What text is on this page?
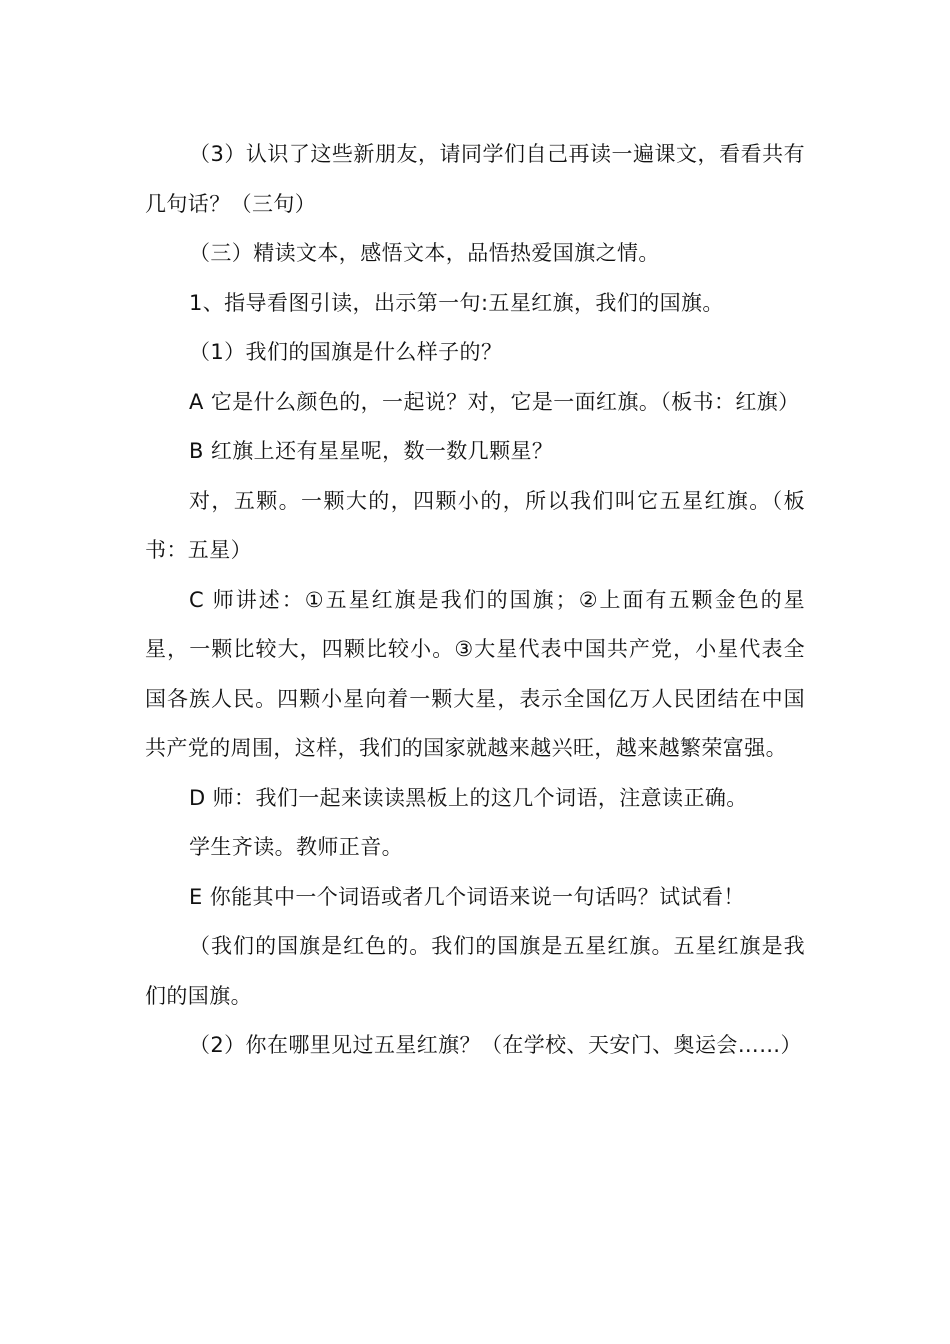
（3）认识了这些新朋友，请同学们自己再读一遍课文，看看共有几句话？（三句）

（三）精读文本，感悟文本，品悟热爱国旗之情。

1、指导看图引读，出示第一句:五星红旗，我们的国旗。

（1）我们的国旗是什么样子的？

A 它是什么颜色的，一起说？对，它是一面红旗。（板书：红旗）

B 红旗上还有星星呢，数一数几颗星？

对，五颗。一颗大的，四颗小的，所以我们叫它五星红旗。（板书：五星）

C 师讲述：①五星红旗是我们的国旗；②上面有五颗金色的星星，一颗比较大，四颗比较小。③大星代表中国共产党，小星代表全国各族人民。四颗小星向着一颗大星，表示全国亿万人民团结在中国共产党的周围，这样，我们的国家就越来越兴旺，越来越繁荣富强。

D 师：我们一起来读读黑板上的这几个词语，注意读正确。

学生齐读。教师正音。

E 你能其中一个词语或者几个词语来说一句话吗？试试看！

（我们的国旗是红色的。我们的国旗是五星红旗。五星红旗是我们的国旗。

（2）你在哪里见过五星红旗？（在学校、天安门、奥运会……）
